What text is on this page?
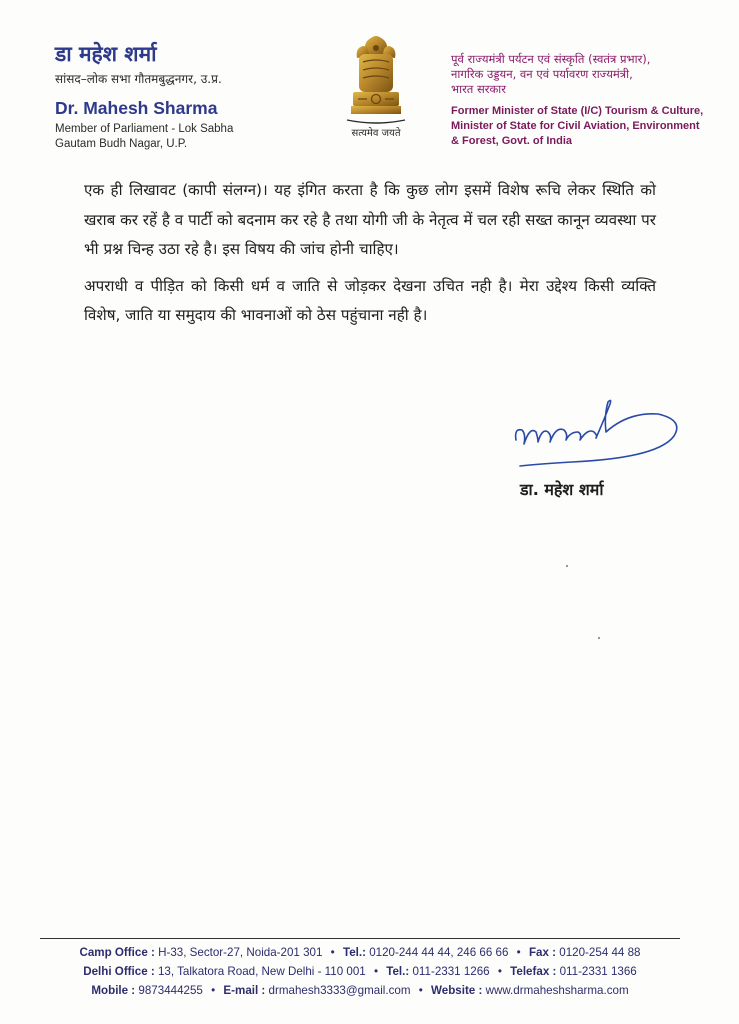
डा महेश शर्मा
सांसद–लोक सभा गौतमबुद्धनगर, उ.प्र.
Dr. Mahesh Sharma
Member of Parliament - Lok Sabha
Gautam Budh Nagar, U.P.
सत्यमेव जयते
पूर्व राज्यमंत्री पर्यटन एवं संस्कृति (स्वतंत्र प्रभार),
नागरिक उड्डयन, वन एवं पर्यावरण राज्यमंत्री,
भारत सरकार
Former Minister of State (I/C) Tourism & Culture,
Minister of State for Civil Aviation, Environment
& Forest, Govt. of India

एक ही लिखावट (कापी संलग्न)। यह इंगित करता है कि कुछ लोग इसमें विशेष रूचि लेकर स्थिति को खराब कर रहें है व पार्टी को बदनाम कर रहे है तथा योगी जी के नेतृत्व में चल रही सख्त कानून व्यवस्था पर भी प्रश्न चिन्ह उठा रहे है। इस विषय की जांच होनी चाहिए।

अपराधी व पीड़ित को किसी धर्म व जाति से जोड़कर देखना उचित नही है। मेरा उद्देश्य किसी व्यक्ति विशेष, जाति या समुदाय की भावनाओं को ठेस पहुंचाना नही है।

डा. महेश शर्मा
Camp Office : H-33, Sector-27, Noida-201 301 • Tel.: 0120-244 44 44, 246 66 66 • Fax : 0120-254 44 88
Delhi Office : 13, Talkatora Road, New Delhi - 110 001 • Tel.: 011-2331 1266 • Telefax : 011-2331 1366
Mobile : 9873444255 • E-mail : drmahesh3333@gmail.com • Website : www.drmaheshsharma.com
